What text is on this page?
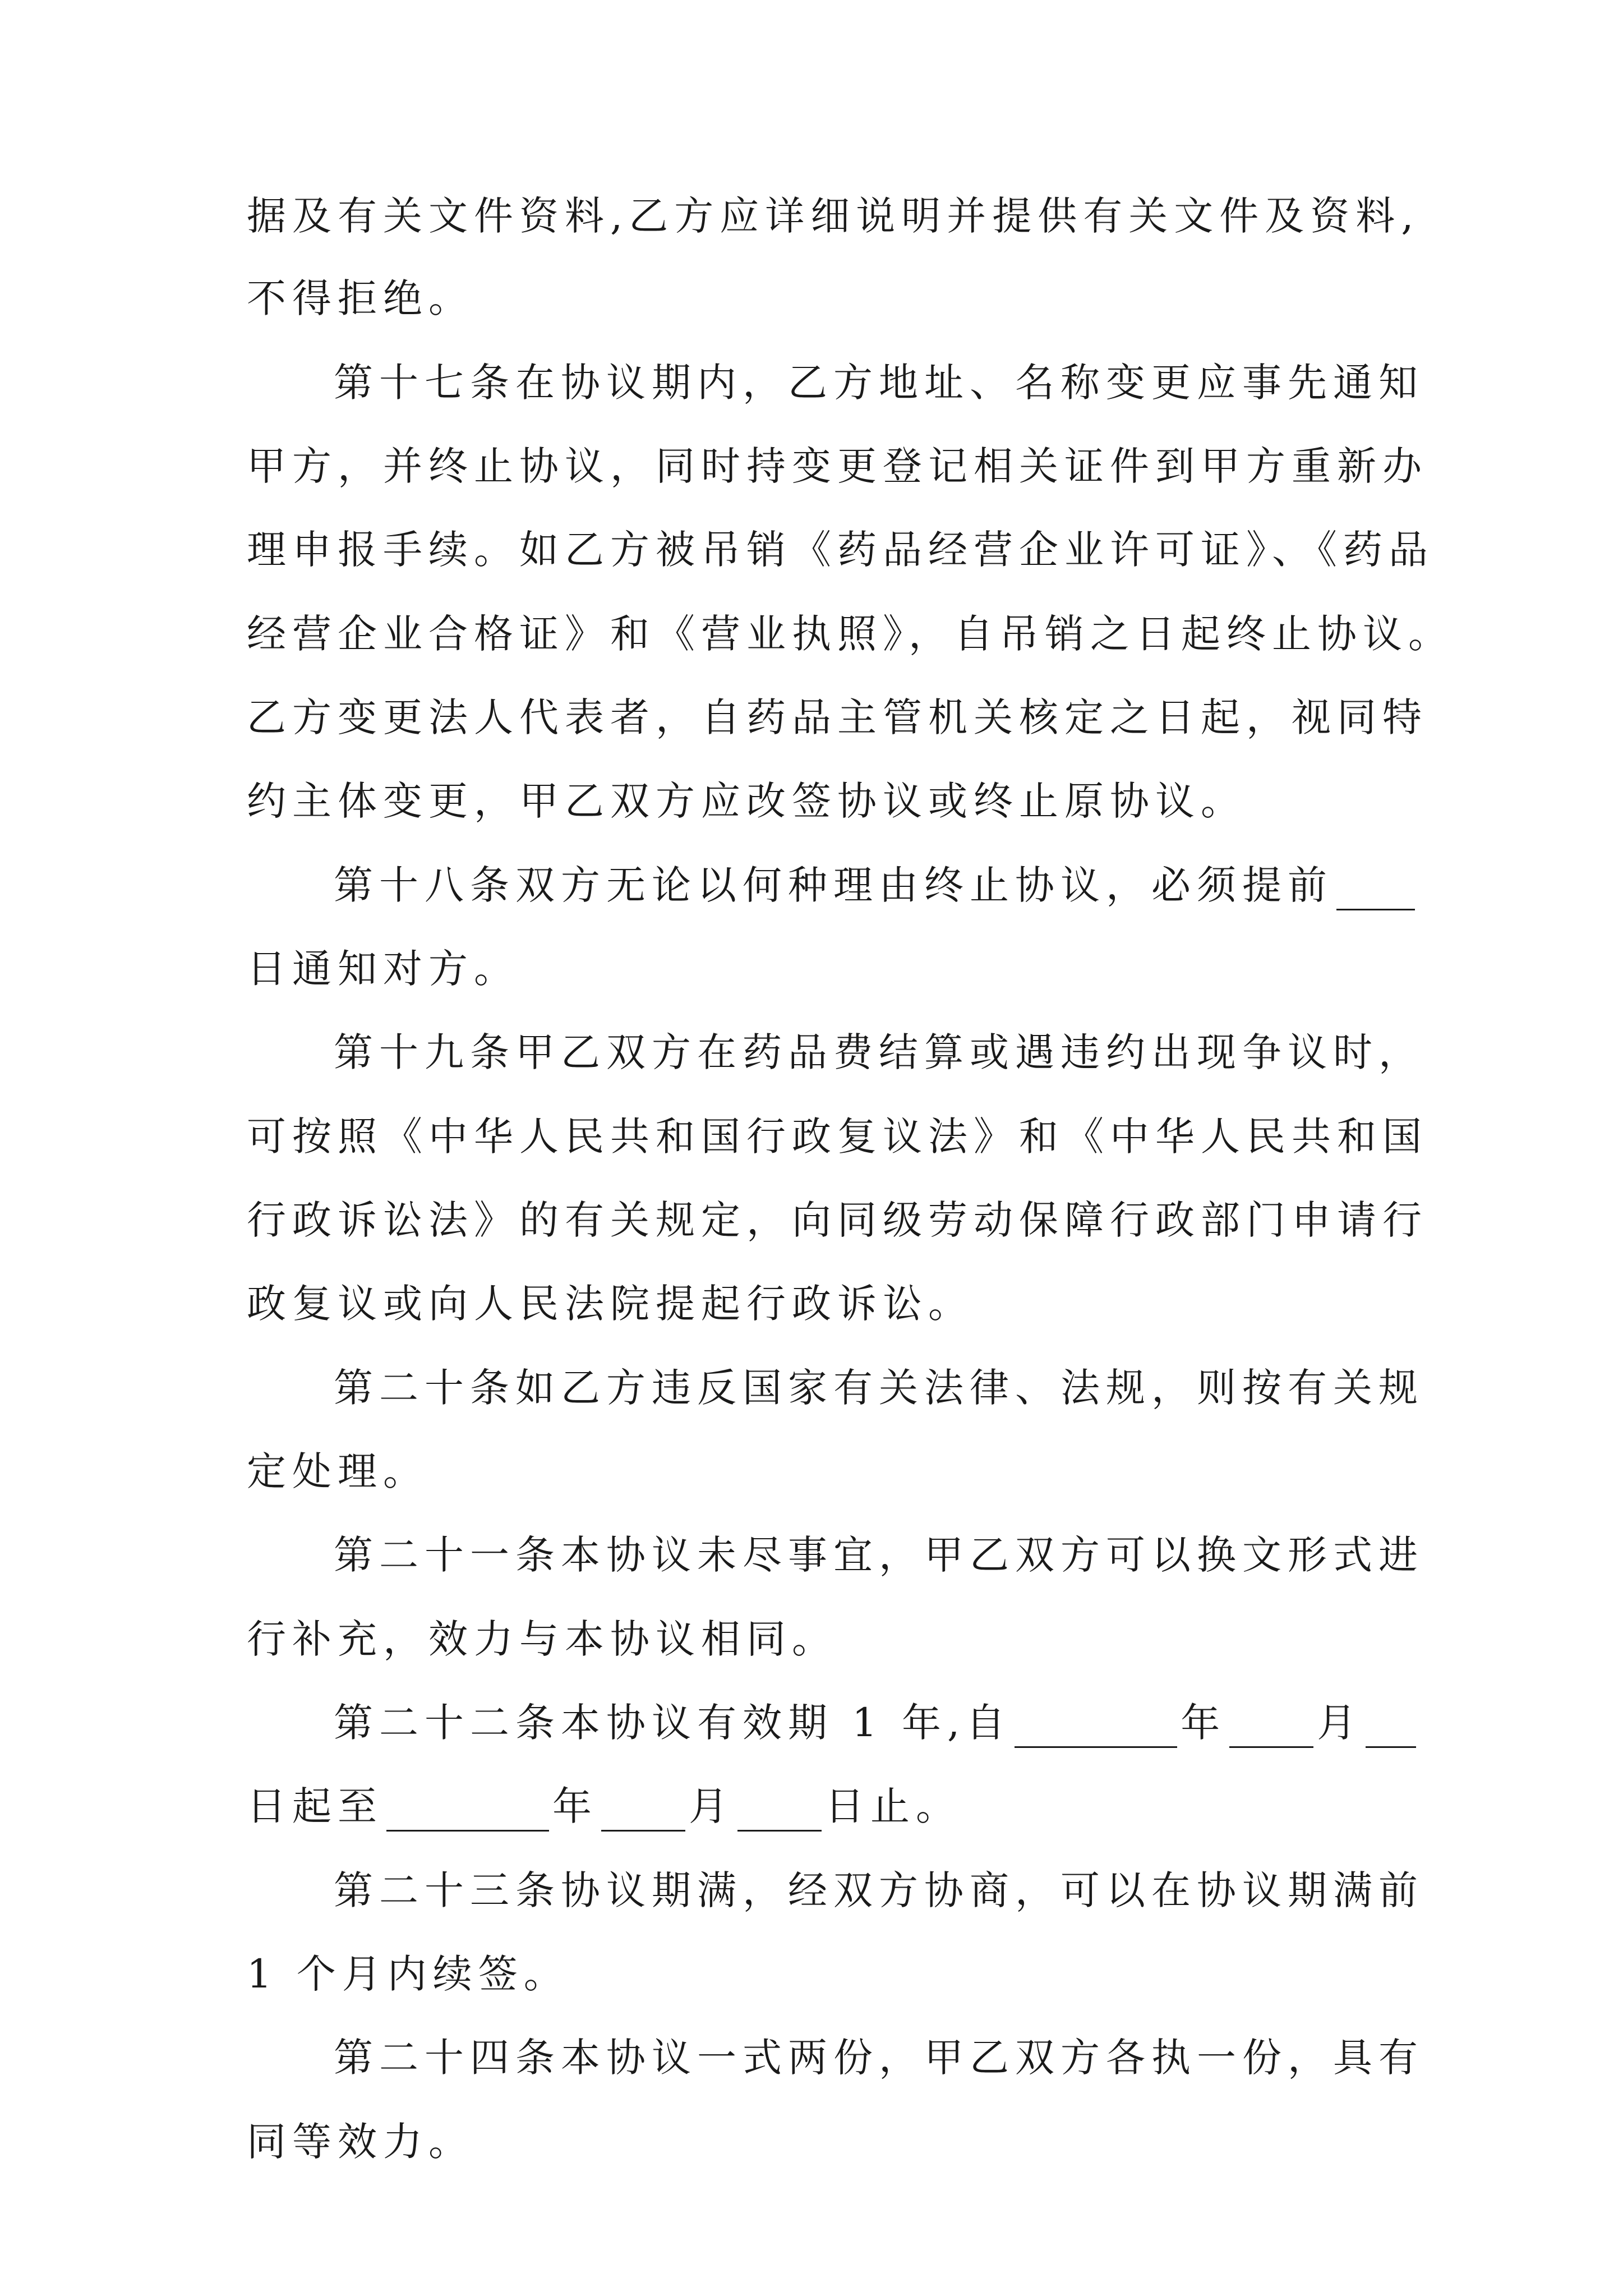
据及有关文件资料,乙方应详细说明并提供有关文件及资料,
不得拒绝。
第十七条在协议期内，乙方地址、名称变更应事先通知
甲方，并终止协议，同时持变更登记相关证件到甲方重新办
理申报手续。如乙方被吊销《药品经营企业许可证》、《药品
经营企业合格证》和《营业执照》，自吊销之日起终止协议。
乙方变更法人代表者，自药品主管机关核定之日起，视同特
约主体变更，甲乙双方应改签协议或终止原协议。
第十八条双方无论以何种理由终止协议，必须提前
日通知对方。
第十九条甲乙双方在药品费结算或遇违约出现争议时，
可按照《中华人民共和国行政复议法》和《中华人民共和国
行政诉讼法》的有关规定，向同级劳动保障行政部门申请行
政复议或向人民法院提起行政诉讼。
第二十条如乙方违反国家有关法律、法规，则按有关规
定处理。
第二十一条本协议未尽事宜，甲乙双方可以换文形式进
行补充，效力与本协议相同。
第二十二条本协议有效期 1 年,自	年 月
日起至	年 月 日止。
第二十三条协议期满，经双方协商，可以在协议期满前
1 个月内续签。
第二十四条本协议一式两份，甲乙双方各执一份，具有
同等效力。
